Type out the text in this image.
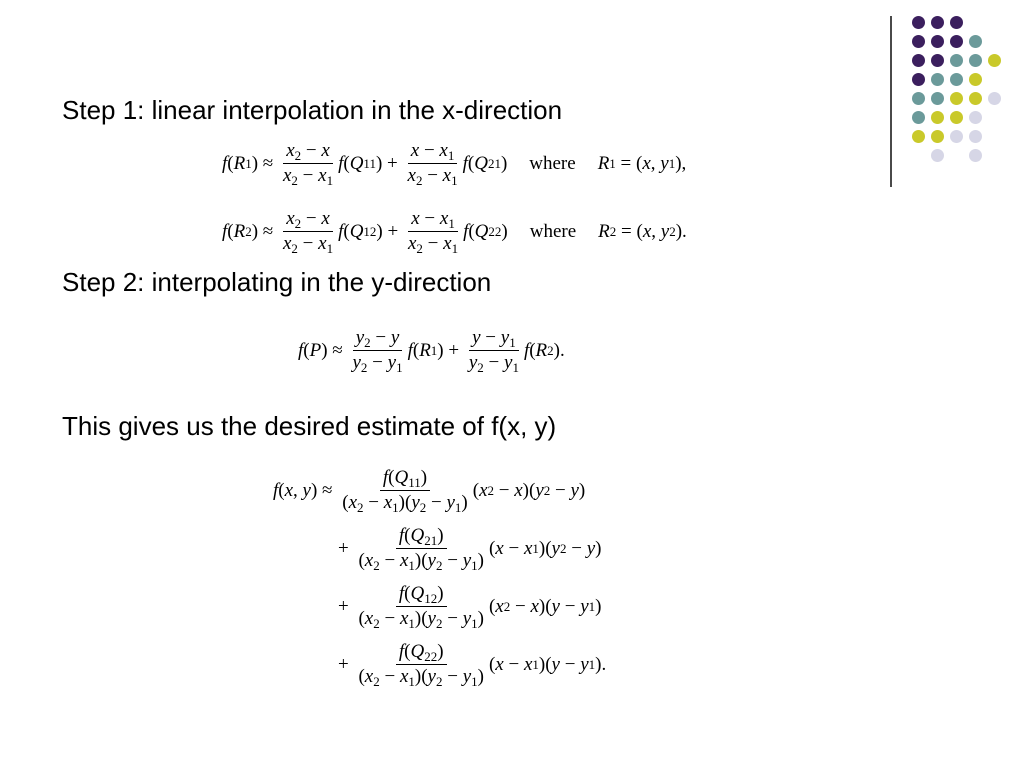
Step 1: linear interpolation in the x-direction
f ( R 1 ) ≈ $\frac{x_2 - x}{x_2 - x_1}$ f ( Q 11 ) + $\frac{x - x_1}{x_2 - x_1}$ f ( Q 21 ) where R 1 = ( x , y 1 ),
f ( R 2 ) ≈ $\frac{x_2 - x}{x_2 - x_1}$ f ( Q 12 ) + $\frac{x - x_1}{x_2 - x_1}$ f ( Q 22 ) where R 2 = ( x , y 2 ).
Step 2: interpolating in the y-direction
f ( P ) ≈ $\frac{y_2 - y}{y_2 - y_1}$ f ( R 1 ) + $\frac{y - y_1}{y_2 - y_1}$ f ( R 2 ).
This gives us the desired estimate of f(x, y)
f ( x , y ) ≈ $\frac{f(Q_{11})}{(x_2 - x_1)(y_2 - y_1)}$ ( x 2 − x )( y 2 − y )
+ $\frac{f(Q_{21})}{(x_2 - x_1)(y_2 - y_1)}$ ( x − x 1 )( y 2 − y )
+ $\frac{f(Q_{12})}{(x_2 - x_1)(y_2 - y_1)}$ ( x 2 − x )( y − y 1 )
+ $\frac{f(Q_{22})}{(x_2 - x_1)(y_2 - y_1)}$ ( x − x 1 )( y − y 1 ).
